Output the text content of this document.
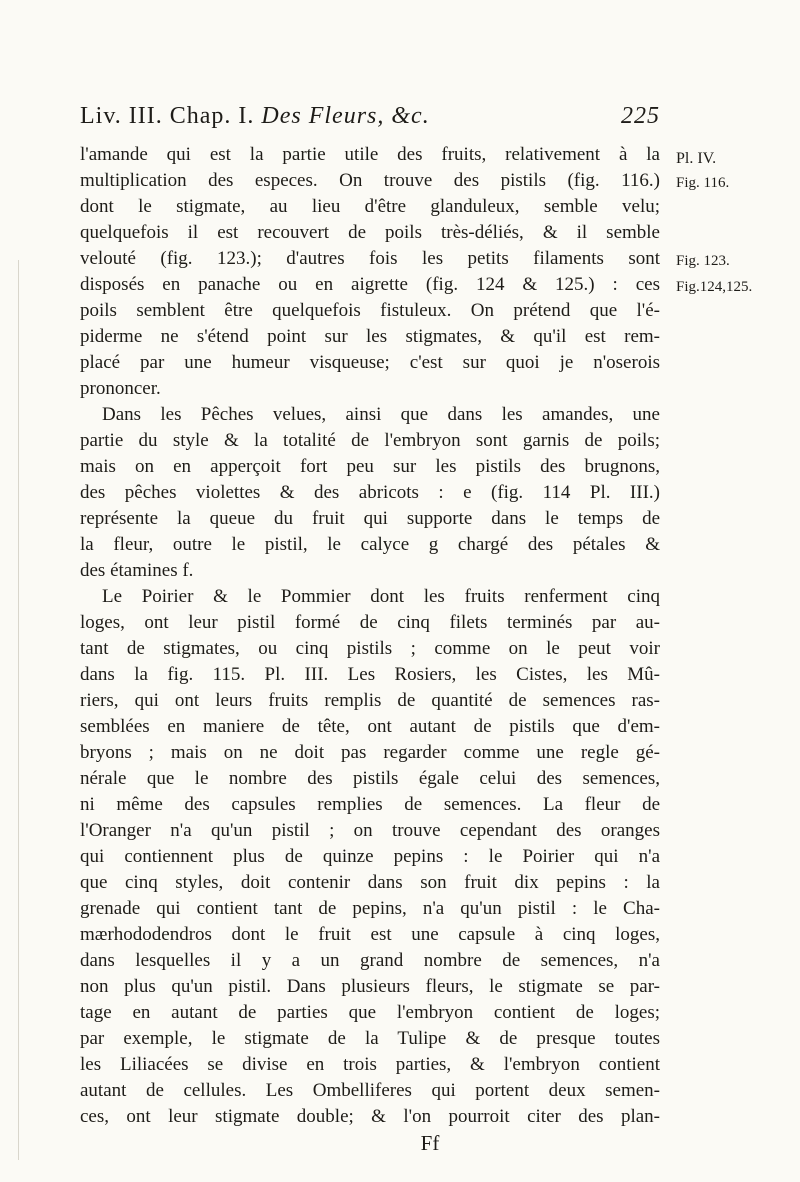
Liv. III. Chap. I. Des Fleurs, &c.	225
l'amande qui est la partie utile des fruits, relativement à la
multiplication des especes. On trouve des pistils (fig. 116.)
dont le stigmate, au lieu d'être glanduleux, semble velu;
quelquefois il est recouvert de poils très-déliés, & il semble
velouté (fig. 123.); d'autres fois les petits filaments sont
disposés en panache ou en aigrette (fig. 124 & 125.) : ces
poils semblent être quelquefois fistuleux. On prétend que l'é-
piderme ne s'étend point sur les stigmates, & qu'il est rem-
placé par une humeur visqueuse; c'est sur quoi je n'oserois
prononcer.
Dans les Pêches velues, ainsi que dans les amandes, une
partie du style & la totalité de l'embryon sont garnis de poils;
mais on en apperçoit fort peu sur les pistils des brugnons,
des pêches violettes & des abricots : e (fig. 114 Pl. III.)
représente la queue du fruit qui supporte dans le temps de
la fleur, outre le pistil, le calyce g chargé des pétales &
des étamines f.
Le Poirier & le Pommier dont les fruits renferment cinq
loges, ont leur pistil formé de cinq filets terminés par au-
tant de stigmates, ou cinq pistils ; comme on le peut voir
dans la fig. 115. Pl. III. Les Rosiers, les Cistes, les Mû-
riers, qui ont leurs fruits remplis de quantité de semences ras-
semblées en maniere de tête, ont autant de pistils que d'em-
bryons ; mais on ne doit pas regarder comme une regle gé-
nérale que le nombre des pistils égale celui des semences,
ni même des capsules remplies de semences. La fleur de
l'Oranger n'a qu'un pistil ; on trouve cependant des oranges
qui contiennent plus de quinze pepins : le Poirier qui n'a
que cinq styles, doit contenir dans son fruit dix pepins : la
grenade qui contient tant de pepins, n'a qu'un pistil : le Cha-
mærhododendros dont le fruit est une capsule à cinq loges,
dans lesquelles il y a un grand nombre de semences, n'a
non plus qu'un pistil. Dans plusieurs fleurs, le stigmate se par-
tage en autant de parties que l'embryon contient de loges;
par exemple, le stigmate de la Tulipe & de presque toutes
les Liliacées se divise en trois parties, & l'embryon contient
autant de cellules. Les Ombelliferes qui portent deux semen-
ces, ont leur stigmate double; & l'on pourroit citer des plan-
Ff
Pl. IV.
Fig. 116.
Fig. 123.
Fig.124,125.
